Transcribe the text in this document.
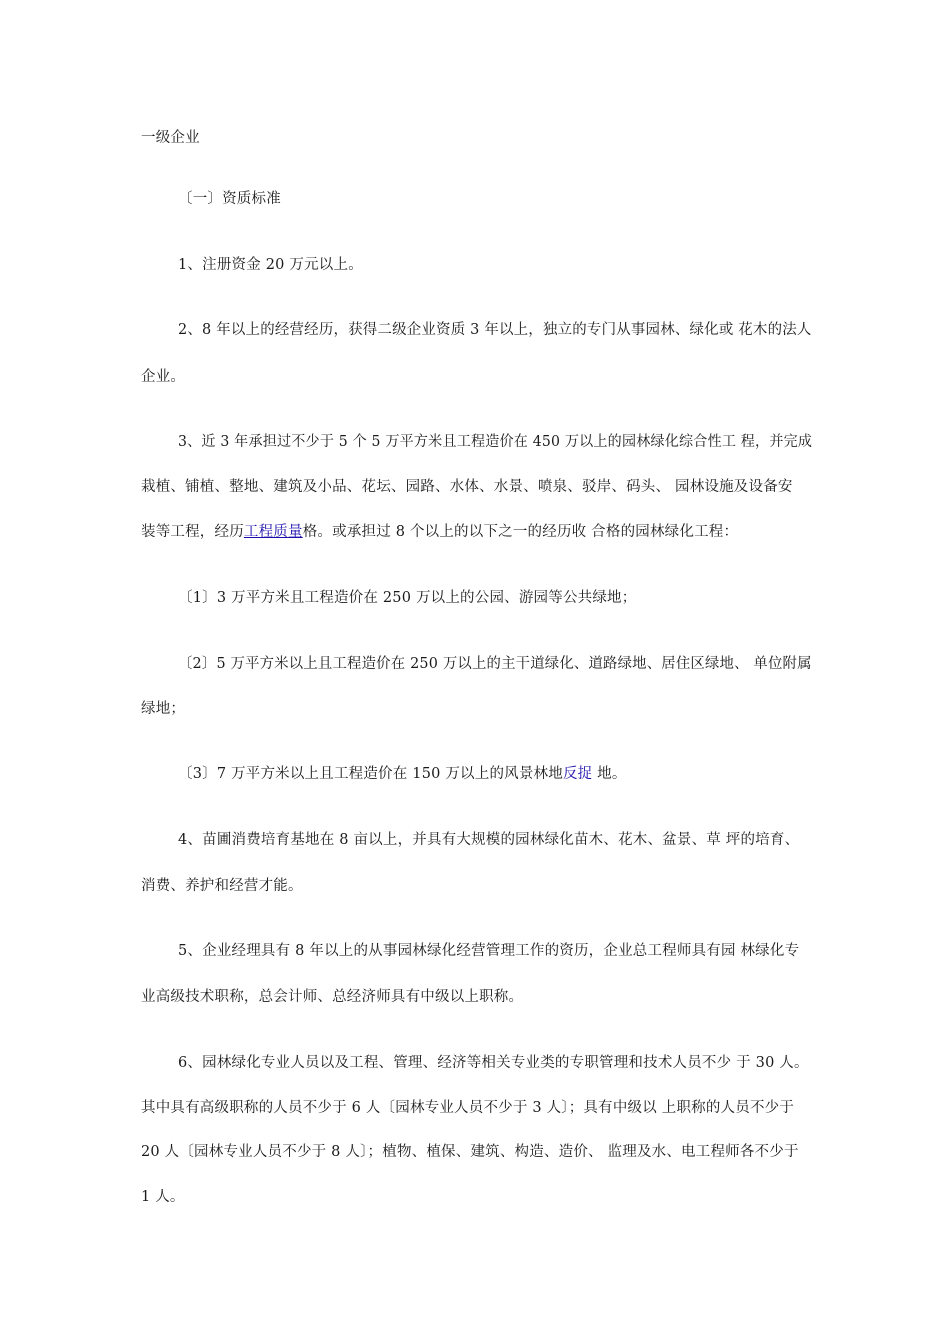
一级企业

〔一〕资质标准

1、注册资金 20 万元以上。

2、8 年以上的经营经历，获得二级企业资质 3 年以上，独立的专门从事园林、绿化或 花木的法人

企业。

3、近 3 年承担过不少于 5 个 5 万平方米且工程造价在 450 万以上的园林绿化综合性工 程，并完成

栽植、铺植、整地、建筑及小品、花坛、园路、水体、水景、喷泉、驳岸、码头、 园林设施及设备安

装等工程，经历工程质量格。或承担过 8 个以上的以下之一的经历收 合格的园林绿化工程：

〔1〕3 万平方米且工程造价在 250 万以上的公园、游园等公共绿地；

〔2〕5 万平方米以上且工程造价在 250 万以上的主干道绿化、道路绿地、居住区绿地、 单位附属

绿地；

〔3〕7 万平方米以上且工程造价在 150 万以上的风景林地反捉 地。

4、苗圃消费培育基地在 8 亩以上，并具有大规模的园林绿化苗木、花木、盆景、草 坪的培育、

消费、养护和经营才能。

5、企业经理具有 8 年以上的从事园林绿化经营管理工作的资历，企业总工程师具有园 林绿化专

业高级技术职称，总会计师、总经济师具有中级以上职称。

6、园林绿化专业人员以及工程、管理、经济等相关专业类的专职管理和技术人员不少 于 30 人。

其中具有高级职称的人员不少于 6 人〔园林专业人员不少于 3 人〕；具有中级以 上职称的人员不少于

20 人〔园林专业人员不少于 8 人〕；植物、植保、建筑、构造、造价、 监理及水、电工程师各不少于

1 人。
